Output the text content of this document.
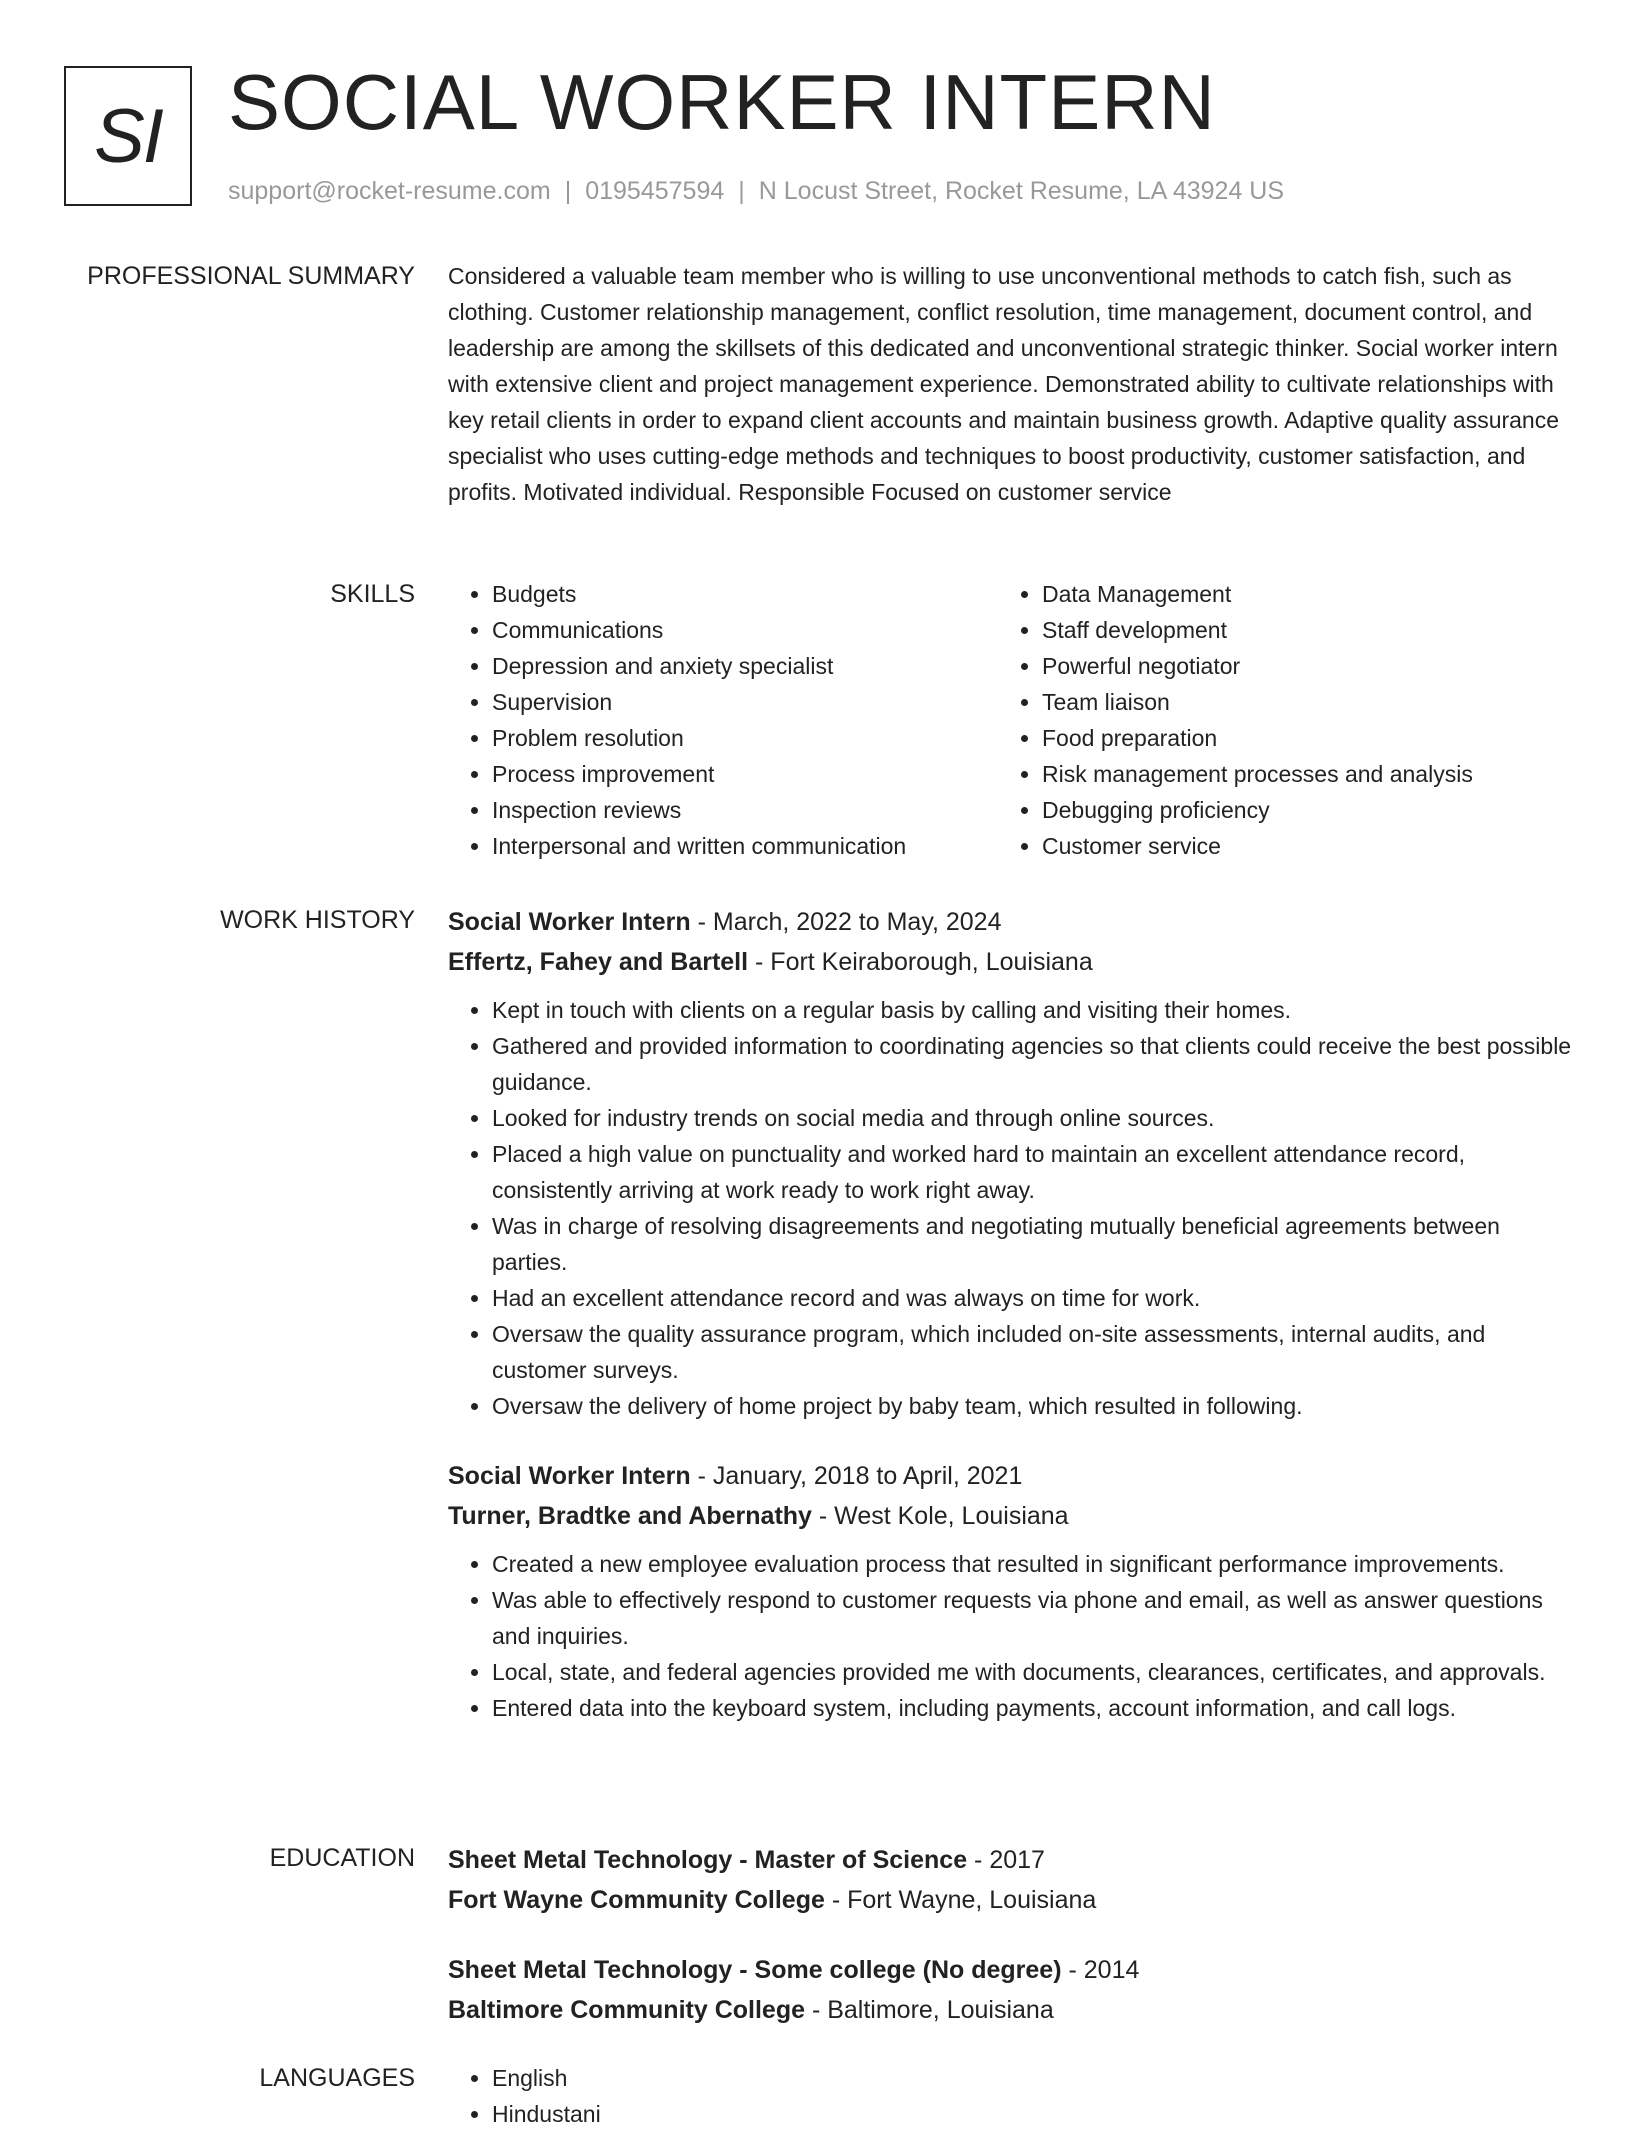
SI SOCIAL WORKER INTERN
support@rocket-resume.com | 0195457594 | N Locust Street, Rocket Resume, LA 43924 US
PROFESSIONAL SUMMARY Considered a valuable team member who is willing to use unconventional methods to catch fish, such as clothing. Customer relationship management, conflict resolution, time management, document control, and leadership are among the skillsets of this dedicated and unconventional strategic thinker. Social worker intern with extensive client and project management experience. Demonstrated ability to cultivate relationships with key retail clients in order to expand client accounts and maintain business growth. Adaptive quality assurance specialist who uses cutting-edge methods and techniques to boost productivity, customer satisfaction, and profits. Motivated individual. Responsible Focused on customer service

SKILLS	• Budgets
• Communications
• Depression and anxiety specialist
• Supervision
• Problem resolution
• Process improvement
• Inspection reviews
• Interpersonal and written communication
• Data Management
• Staff development
• Powerful negotiator
• Team liaison
• Food preparation
• Risk management processes and analysis
• Debugging proficiency
• Customer service
WORK HISTORY Social Worker Intern - March, 2022 to May, 2024
Effertz, Fahey and Bartell - Fort Keiraborough, Louisiana
• Kept in touch with clients on a regular basis by calling and visiting their homes.
• Gathered and provided information to coordinating agencies so that clients could receive the best possible guidance.
• Looked for industry trends on social media and through online sources.
• Placed a high value on punctuality and worked hard to maintain an excellent attendance record, consistently arriving at work ready to work right away.
• Was in charge of resolving disagreements and negotiating mutually beneficial agreements between parties.
• Had an excellent attendance record and was always on time for work.
• Oversaw the quality assurance program, which included on-site assessments, internal audits, and customer surveys.
• Oversaw the delivery of home project by baby team, which resulted in following.
Social Worker Intern - January, 2018 to April, 2021
Turner, Bradtke and Abernathy - West Kole, Louisiana
• Created a new employee evaluation process that resulted in significant performance improvements.
• Was able to effectively respond to customer requests via phone and email, as well as answer questions and inquiries.
• Local, state, and federal agencies provided me with documents, clearances, certificates, and approvals.
• Entered data into the keyboard system, including payments, account information, and call logs.
EDUCATION Sheet Metal Technology - Master of Science - 2017
Fort Wayne Community College - Fort Wayne, Louisiana
Sheet Metal Technology - Some college (No degree) - 2014
Baltimore Community College - Baltimore, Louisiana
LANGUAGES	• English
• Hindustani
